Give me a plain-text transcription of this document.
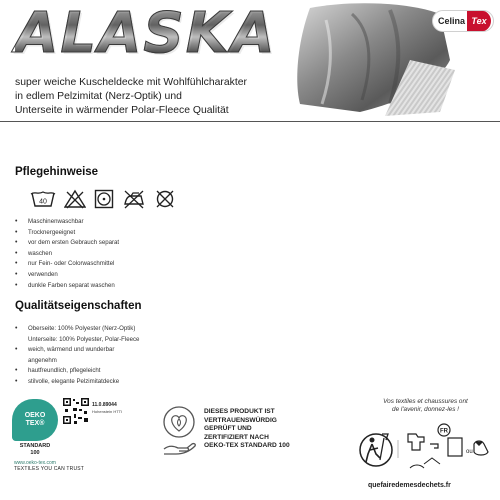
ALASKA
super weiche Kuscheldecke mit Wohlfühlcharakter
in edlem Pelzimitat (Nerz-Optik) und
Unterseite in wärmender Polar-Fleece Qualität
Celina Tex
Pflegehinweise
40
• Maschinenwaschbar
• Trocknergeeignet
• vor dem ersten Gebrauch separat
• waschen
• nur Fein- oder Colorwaschmittel
• verwenden
• dunkle Farben separat waschen
Qualitätseigenschaften
• Oberseite: 100% Polyester (Nerz-Optik)
Unterseite: 100% Polyester, Polar-Fleece
• weich, wärmend und wunderbar
angenehm
• hautfreundlich, pflegeleicht
• stilvolle, elegante Pelzimitatdecke
OEKO
TEX®
11.0.89044
Hohenstein HTTI
STANDARD
100
www.oeko-tex.com
TEXTILES YOU CAN TRUST
DIESES PRODUKT IST
VERTRAUENSWÜRDIG
GEPRÜFT UND
ZERTIFIZIERT NACH
OEKO-TEX STANDARD 100
Vos textiles et chaussures ont
de l'avenir, donnez-les !
FR
ou
quefairedemesdechets.fr
